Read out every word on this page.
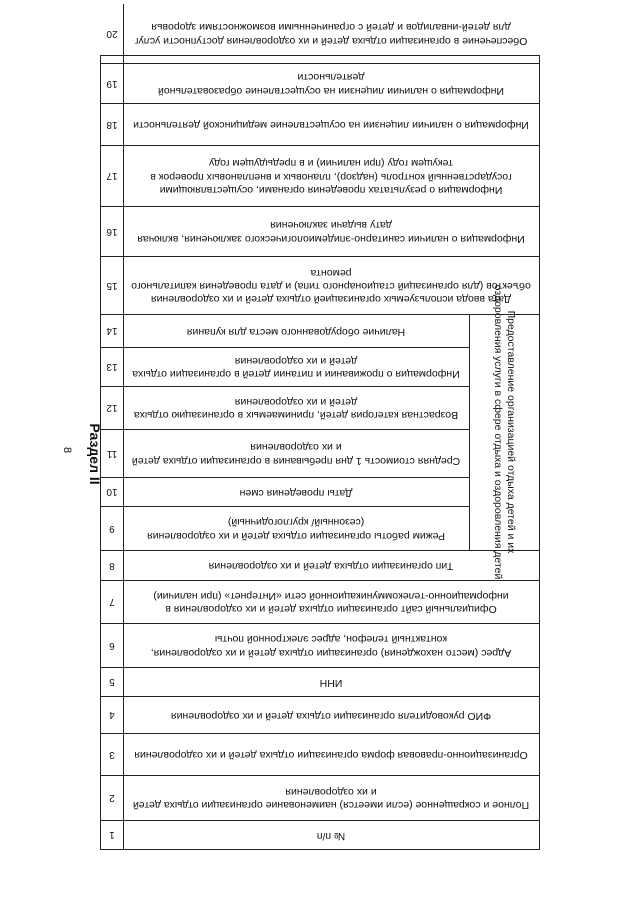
8 Раздел II	Предоставление организацией отдыха детей и их оздоровления услуги в сфере отдыха и оздоровления детей
№ п/п
1
Полное и сокращенное (если имеется) наименование организации отдыха детей и их оздоровления
2
Организационно-правовая форма организации отдыха детей и их оздоровления
3
ФИО руководителя организации отдыха детей и их оздоровления
4
ИНН
5
Адрес (место нахождения) организации отдыха детей и их оздоровления, контактный телефон, адрес электронной почты
6
Официальный сайт организации отдыха детей и их оздоровления в информационно-телекоммуникационной сети «Интернет» (при наличии)
7
Тип организации отдыха детей и их оздоровления
8
Режим работы организации отдыха детей и их оздоровления (сезонный/ круглогодичный)
9
Даты проведения смен
10
Средняя стоимость 1 дня пребывания в организации отдыха детей и их оздоровления
11
Возрастная категория детей, принимаемых в организацию отдыха детей и их оздоровления
12
Информация о проживании и питании детей в организации отдыха детей и их оздоровления
13
Наличие оборудованного места для купания
14
Дата ввода используемых организацией отдыха детей и их оздоровления объектов (для организаций стационарного типа) и дата проведения капитального ремонта
15
Информация о наличии санитарно-эпидемиологического заключения, включая дату выдачи заключения
16
Информация о результатах проведения органами, осуществляющими государственный контроль (надзор), плановых и внеплановых проверок в текущем году (при наличии) и в предыдущем году
17
Информация о наличии лицензии на осуществление медицинской деятельности
18
Информация о наличии лицензии на осуществление образовательной деятельности
19
Обеспечение в организации отдыха детей и их оздоровления доступности услуг для детей-инвалидов и детей с ограниченными возможностями здоровья
20
